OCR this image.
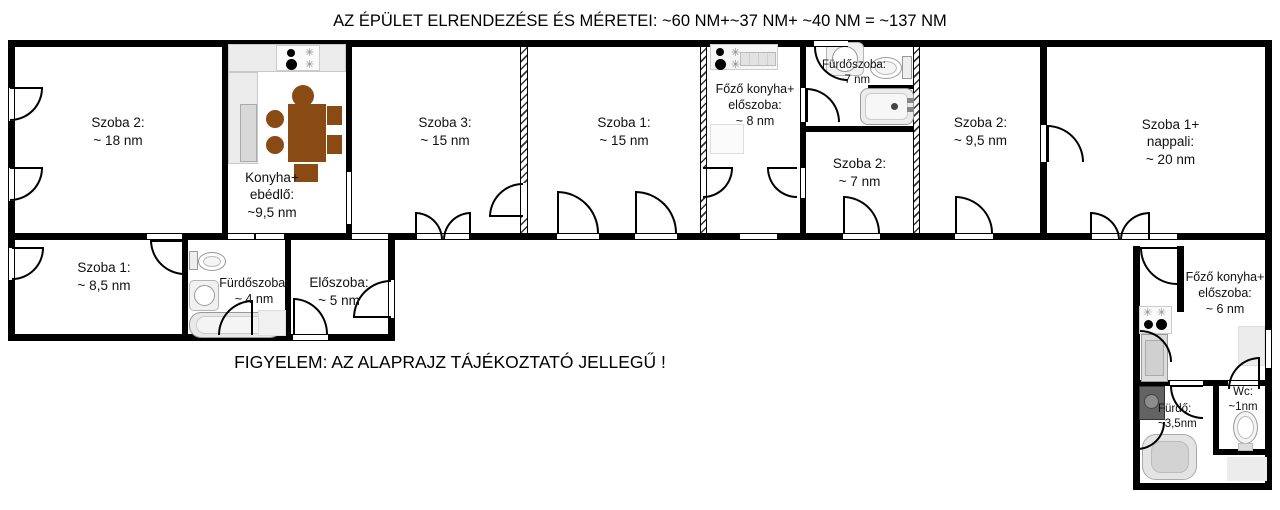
AZ ÉPÜLET ELRENDEZÉSE ÉS MÉRETEI: ~60 NM+~37 NM+ ~40 NM = ~137 NM
✳
✳
✳
✳
✳ ✳
Szoba 2:
~ 18 nm
Konyha+
ebédlő:
~9,5 nm
Szoba 3:
~ 15 nm
Szoba 1:
~ 15 nm
Főző konyha+
előszoba:
~ 8 nm
Fürdőszoba:
~7 nm
Szoba 2:
~ 7 nm
Szoba 2:
~ 9,5 nm
Szoba 1+
nappali:
~ 20 nm
Szoba 1:
~ 8,5 nm	Fürdőszoba:
~ 4 nm
Előszoba:
~ 5 nm
Főző konyha+
előszoba:
~ 6 nm
Wc:
~1nm
Fürdő:
~3,5nm
FIGYELEM: AZ ALAPRAJZ TÁJÉKOZTATÓ JELLEGŰ !
